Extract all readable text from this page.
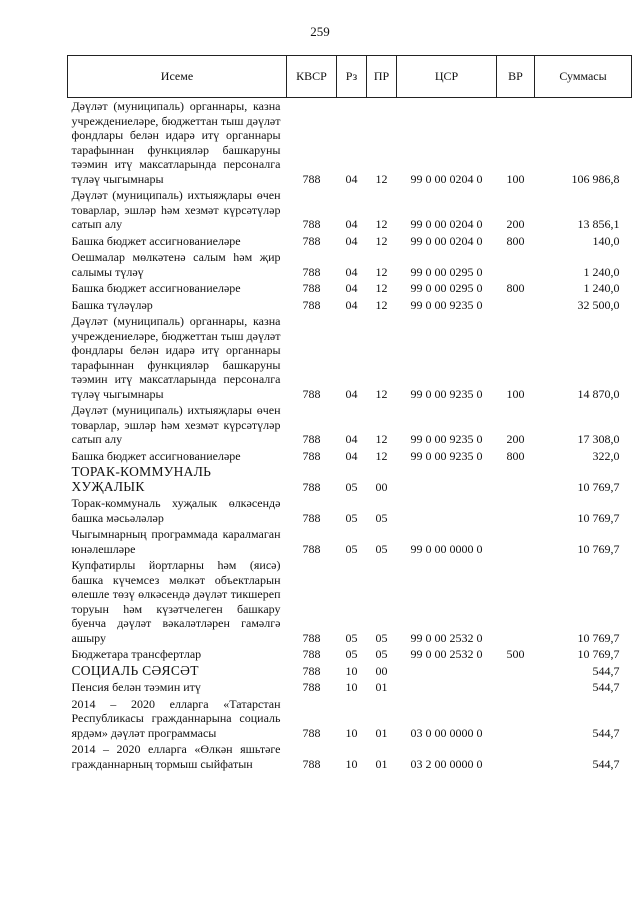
259
Исеме	КВСР	Рз	ПР	ЦСР	ВР	Суммасы
Дәүләт (муниципаль) органнары, казна учреждениеләре, бюджеттан тыш дәүләт фондлары белән идарә итү органнары тарафыннан функцияләр башкаруны тәэмин итү максатларында персоналга түләү чыгымнары	788	04	12	99 0 00 0204 0	100	106 986,8
Дәүләт (муниципаль) ихтыяҗлары өчен товарлар, эшләр һәм хезмәт күрсәтүләр сатып алу	788	04	12	99 0 00 0204 0	200	13 856,1
Башка бюджет ассигнованиеләре	788	04	12	99 0 00 0204 0	800	140,0
Оешмалар мөлкәтенә салым һәм җир салымы түләү	788	04	12	99 0 00 0295 0		1 240,0
Башка бюджет ассигнованиеләре	788	04	12	99 0 00 0295 0	800	1 240,0
Башка түләүләр	788	04	12	99 0 00 9235 0		32 500,0
Дәүләт (муниципаль) органнары, казна учреждениеләре, бюджеттан тыш дәүләт фондлары белән идарә итү органнары тарафыннан функцияләр башкаруны тәэмин итү максатларында персоналга түләү чыгымнары	788	04	12	99 0 00 9235 0	100	14 870,0
Дәүләт (муниципаль) ихтыяҗлары өчен товарлар, эшләр һәм хезмәт күрсәтүләр сатып алу	788	04	12	99 0 00 9235 0	200	17 308,0
Башка бюджет ассигнованиеләре	788	04	12	99 0 00 9235 0	800	322,0
ТОРАК-КОММУНАЛЬ ХУҖАЛЫК	788	05	00			10 769,7
Торак-коммуналь хуҗалык өлкәсендә башка мәсьәләләр	788	05	05			10 769,7
Чыгымнарның программада каралмаган юнәлешләре	788	05	05	99 0 00 0000 0		10 769,7
Купфатирлы йортларны һәм (яисә) башка күчемсез мөлкәт объектларын өлешле төзү өлкәсендә дәүләт тикшереп торуын һәм күзәтчелеген башкару буенча дәүләт вәкаләтләрен гамәлгә ашыру	788	05	05	99 0 00 2532 0		10 769,7
Бюджетара трансфертлар	788	05	05	99 0 00 2532 0	500	10 769,7
СОЦИАЛЬ СӘЯСӘТ	788	10	00			544,7
Пенсия белән тәэмин итү	788	10	01			544,7
2014 – 2020 елларга «Татарстан Республикасы гражданнарына социаль ярдәм» дәүләт программасы	788	10	01	03 0 00 0000 0		544,7
2014 – 2020 елларга «Өлкән яшьтәге гражданнарның тормыш сыйфатын	788	10	01	03 2 00 0000 0		544,7
